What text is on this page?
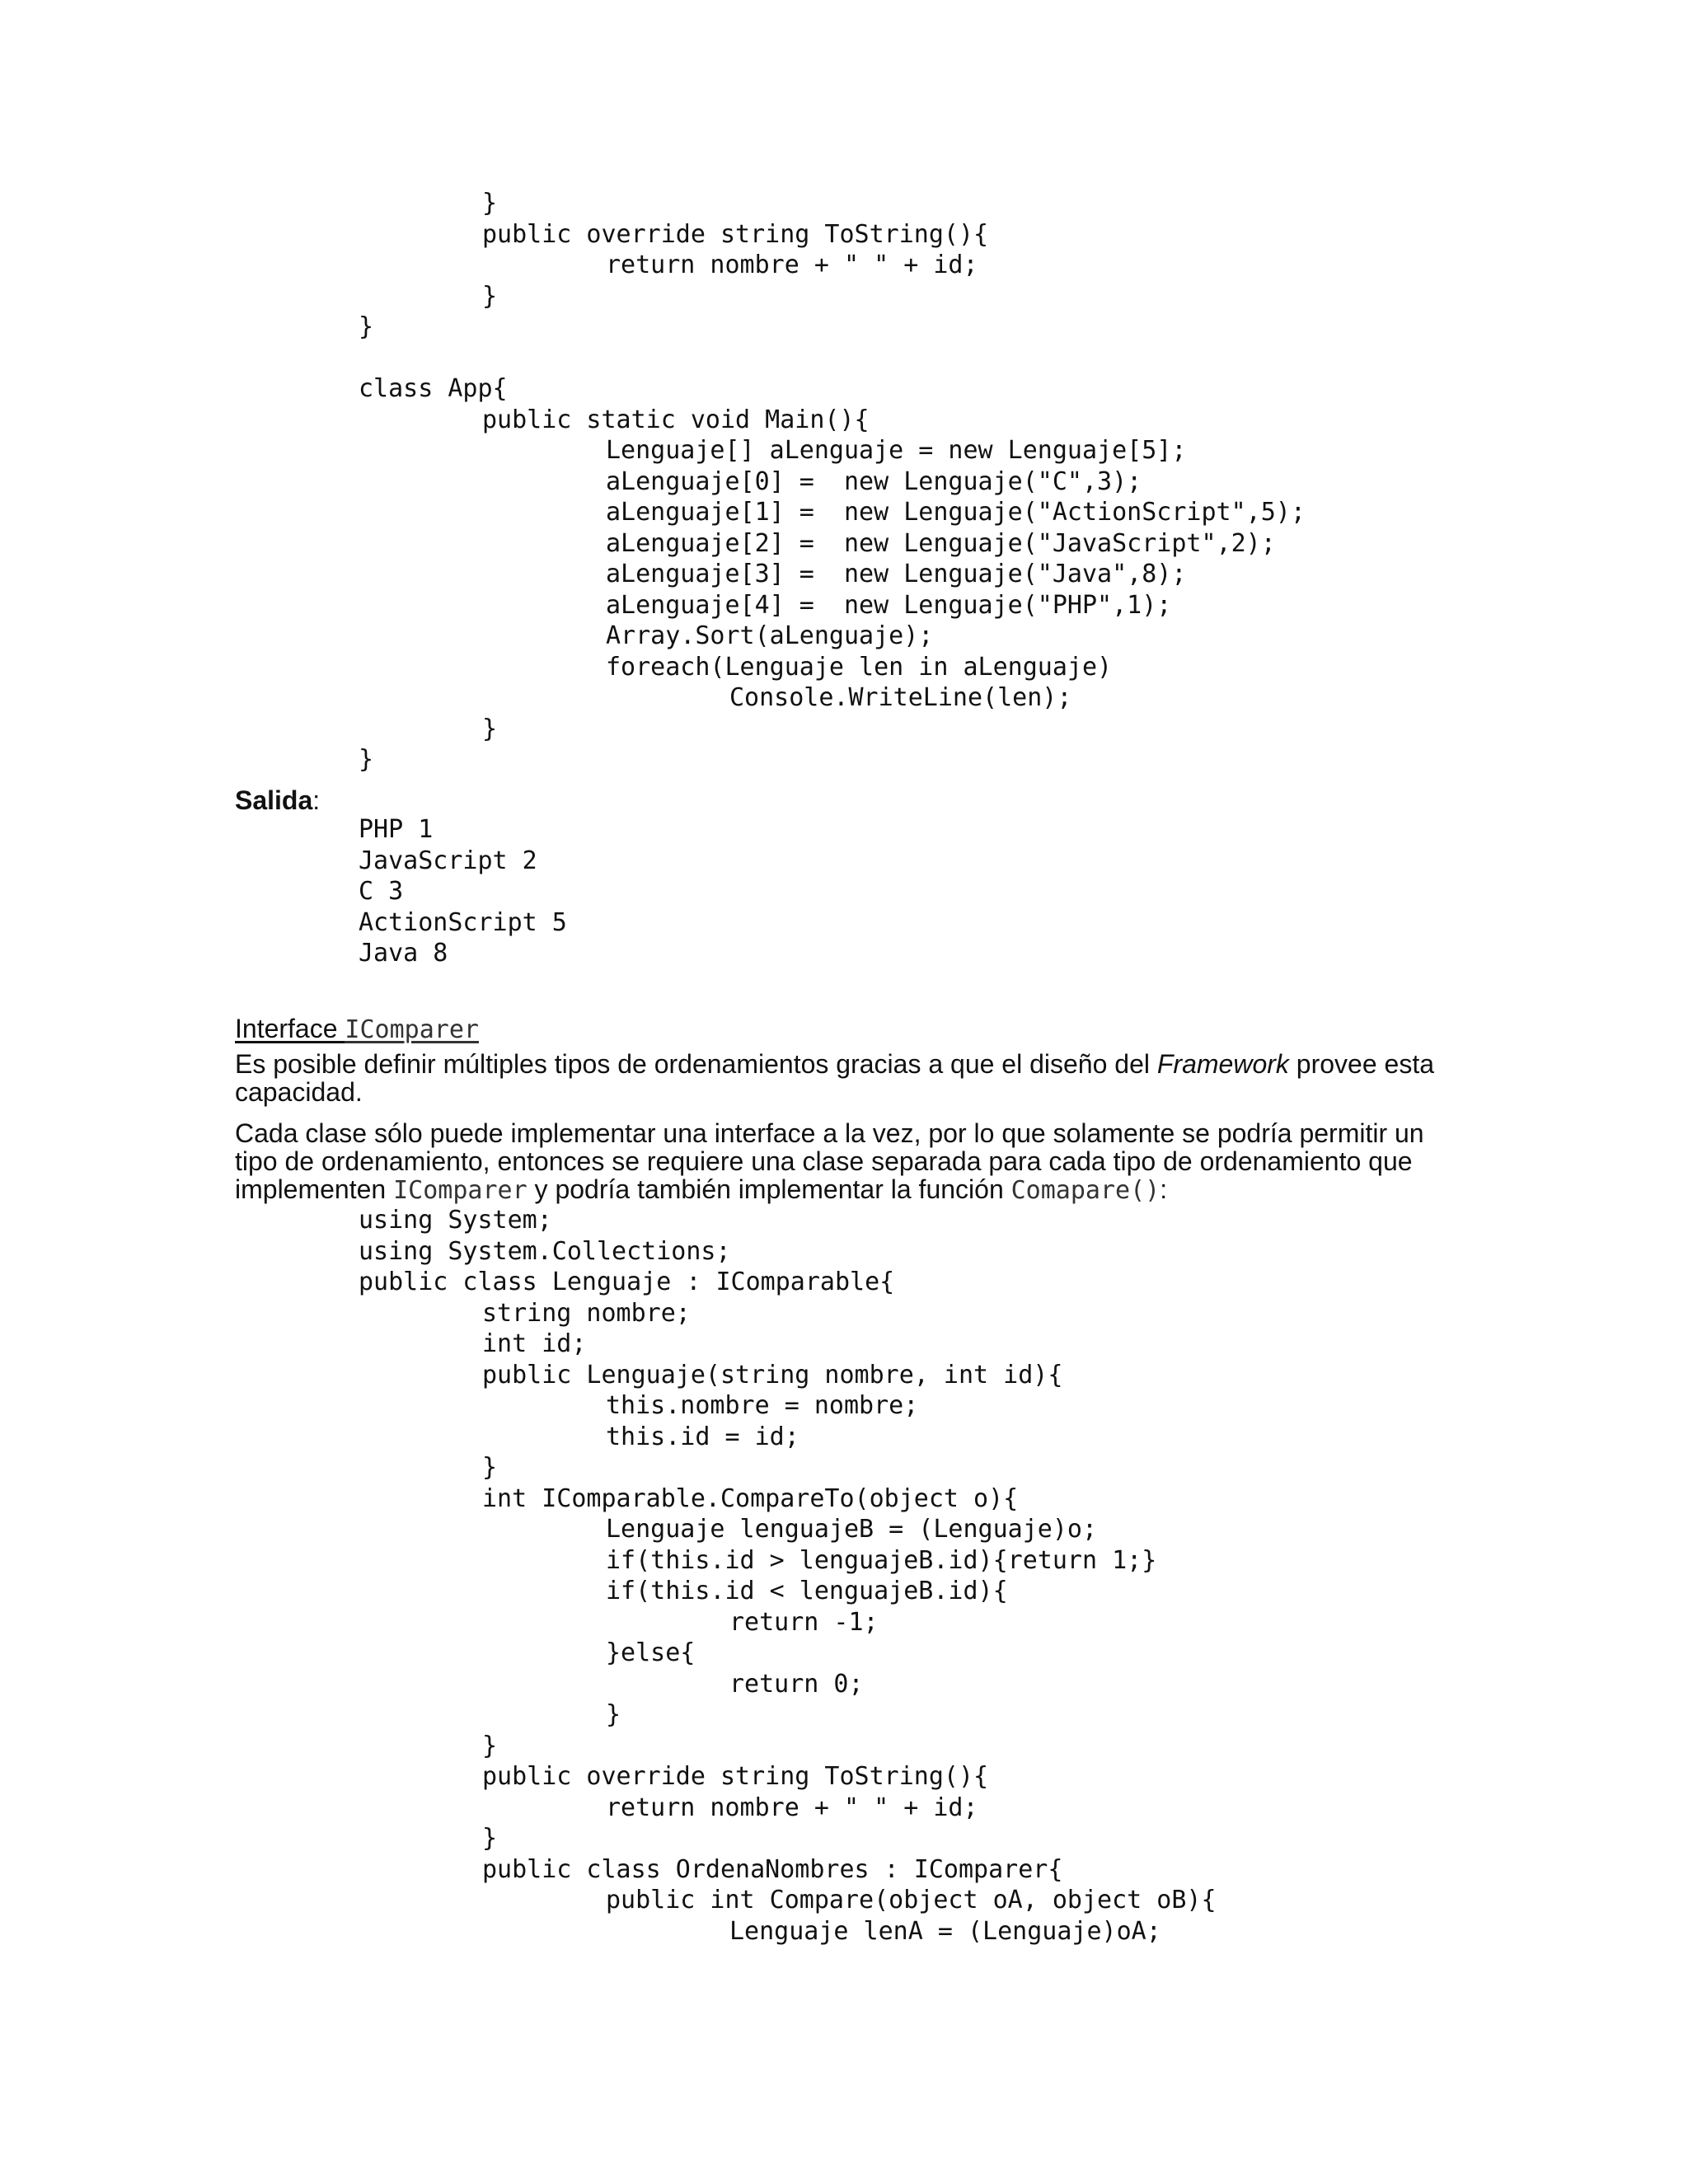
		}
		public override string ToString(){
			return nombre + " " + id;
		}
	}
	class App{
		public static void Main(){
			Lenguaje[] aLenguaje = new Lenguaje[5];
			aLenguaje[0] =  new Lenguaje("C",3);
			aLenguaje[1] =  new Lenguaje("ActionScript",5);
			aLenguaje[2] =  new Lenguaje("JavaScript",2);
			aLenguaje[3] =  new Lenguaje("Java",8);
			aLenguaje[4] =  new Lenguaje("PHP",1);
			Array.Sort(aLenguaje);
			foreach(Lenguaje len in aLenguaje)
				Console.WriteLine(len);
		}
	}
Salida:
	PHP 1
	JavaScript 2
	C 3
	ActionScript 5
	Java 8
Interface IComparer
Es posible definir múltiples tipos de ordenamientos gracias a que el diseño del Framework provee esta capacidad.
Cada clase sólo puede implementar una interface a la vez, por lo que solamente se podría permitir un tipo de ordenamiento, entonces se requiere una clase separada para cada tipo de ordenamiento que implementen IComparer y podría también implementar la función Comapare():
	using System;
	using System.Collections;
	public class Lenguaje : IComparable{
		string nombre;
		int id;
		public Lenguaje(string nombre, int id){
			this.nombre = nombre;
			this.id = id;
		}
		int IComparable.CompareTo(object o){
			Lenguaje lenguajeB = (Lenguaje)o;
			if(this.id > lenguajeB.id){return 1;}
			if(this.id < lenguajeB.id){
				return -1;
			}else{
				return 0;
			}
		}
		public override string ToString(){
			return nombre + " " + id;
		}
		public class OrdenaNombres : IComparer{
			public int Compare(object oA, object oB){
				Lenguaje lenA = (Lenguaje)oA;
